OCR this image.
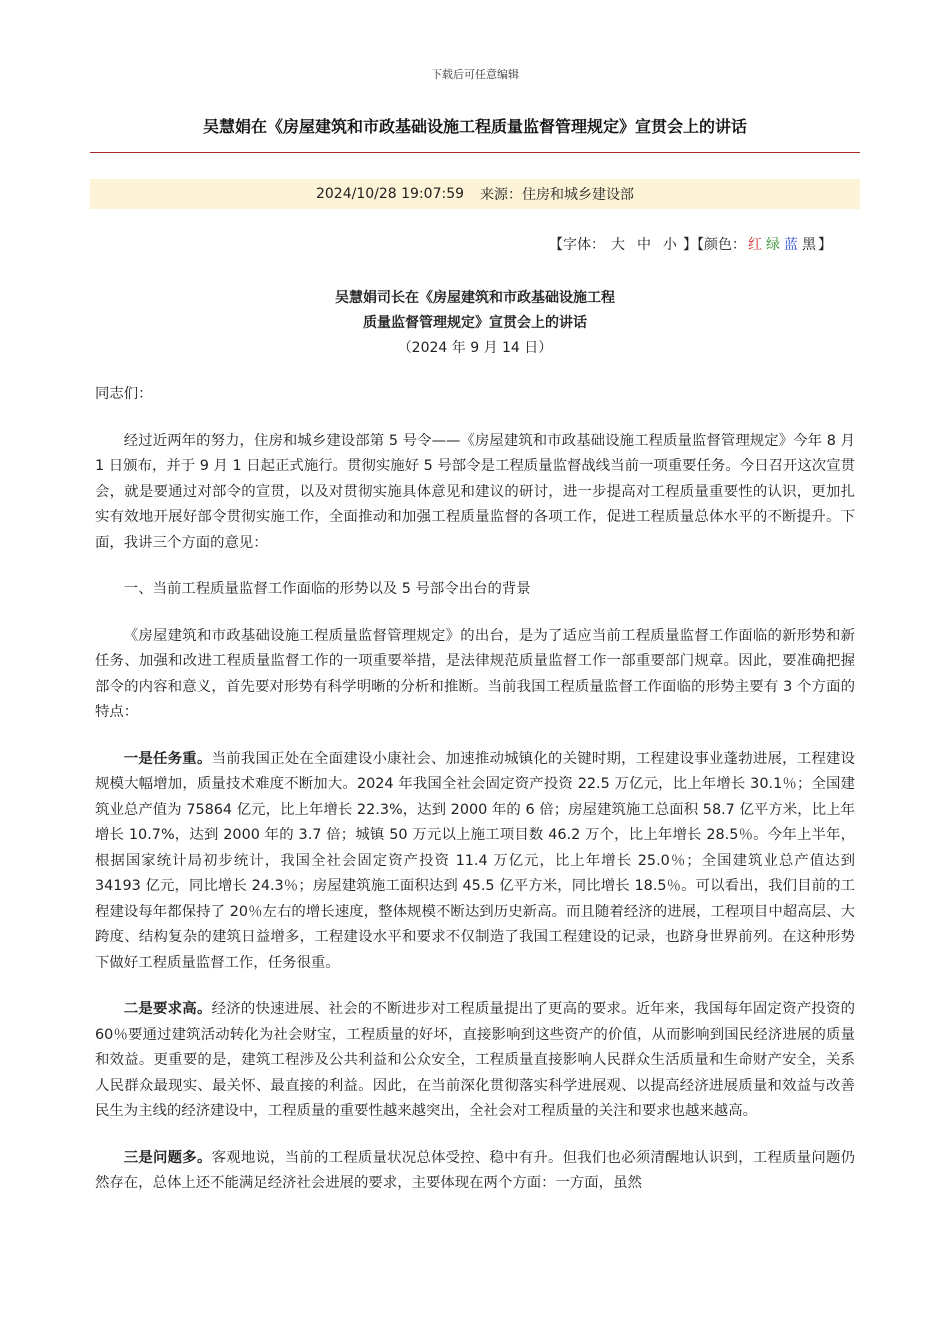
下载后可任意编辑
吴慧娟在《房屋建筑和市政基础设施工程质量监督管理规定》宣贯会上的讲话
2024/10/28 19:07:59 来源：住房和城乡建设部
【字体： 大 中 小 】【颜色： 红 绿 蓝 黑 】
吴慧娟司长在《房屋建筑和市政基础设施工程
质量监督管理规定》宣贯会上的讲话
（2024 年 9 月 14 日）

同志们：

经过近两年的努力，住房和城乡建设部第 5 号令——《房屋建筑和市政基础设施工程质量监督管理规定》今年 8 月 1 日颁布，并于 9 月 1 日起正式施行。贯彻实施好 5 号部令是工程质量监督战线当前一项重要任务。今日召开这次宣贯会，就是要通过对部令的宣贯，以及对贯彻实施具体意见和建议的研讨，进一步提高对工程质量重要性的认识，更加扎实有效地开展好部令贯彻实施工作，全面推动和加强工程质量监督的各项工作，促进工程质量总体水平的不断提升。下面，我讲三个方面的意见：

一、当前工程质量监督工作面临的形势以及 5 号部令出台的背景

《房屋建筑和市政基础设施工程质量监督管理规定》的出台，是为了适应当前工程质量监督工作面临的新形势和新任务、加强和改进工程质量监督工作的一项重要举措，是法律规范质量监督工作一部重要部门规章。因此，要准确把握部令的内容和意义，首先要对形势有科学明晰的分析和推断。当前我国工程质量监督工作面临的形势主要有 3 个方面的特点：

一是任务重。当前我国正处在全面建设小康社会、加速推动城镇化的关键时期，工程建设事业蓬勃进展，工程建设规模大幅增加，质量技术难度不断加大。2024 年我国全社会固定资产投资 22.5 万亿元，比上年增长 30.1％；全国建筑业总产值为 75864 亿元，比上年增长 22.3%，达到 2000 年的 6 倍；房屋建筑施工总面积 58.7 亿平方米，比上年增长 10.7%，达到 2000 年的 3.7 倍；城镇 50 万元以上施工项目数 46.2 万个，比上年增长 28.5％。今年上半年，根据国家统计局初步统计，我国全社会固定资产投资 11.4 万亿元，比上年增长 25.0％；全国建筑业总产值达到 34193 亿元，同比增长 24.3％；房屋建筑施工面积达到 45.5 亿平方米，同比增长 18.5％。可以看出，我们目前的工程建设每年都保持了 20％左右的增长速度，整体规模不断达到历史新高。而且随着经济的进展，工程项目中超高层、大跨度、结构复杂的建筑日益增多，工程建设水平和要求不仅制造了我国工程建设的记录，也跻身世界前列。在这种形势下做好工程质量监督工作，任务很重。

二是要求高。经济的快速进展、社会的不断进步对工程质量提出了更高的要求。近年来，我国每年固定资产投资的 60％要通过建筑活动转化为社会财宝，工程质量的好坏，直接影响到这些资产的价值，从而影响到国民经济进展的质量和效益。更重要的是，建筑工程涉及公共利益和公众安全，工程质量直接影响人民群众生活质量和生命财产安全，关系人民群众最现实、最关怀、最直接的利益。因此，在当前深化贯彻落实科学进展观、以提高经济进展质量和效益与改善民生为主线的经济建设中，工程质量的重要性越来越突出，全社会对工程质量的关注和要求也越来越高。

三是问题多。客观地说，当前的工程质量状况总体受控、稳中有升。但我们也必须清醒地认识到，工程质量问题仍然存在，总体上还不能满足经济社会进展的要求，主要体现在两个方面：一方面，虽然
